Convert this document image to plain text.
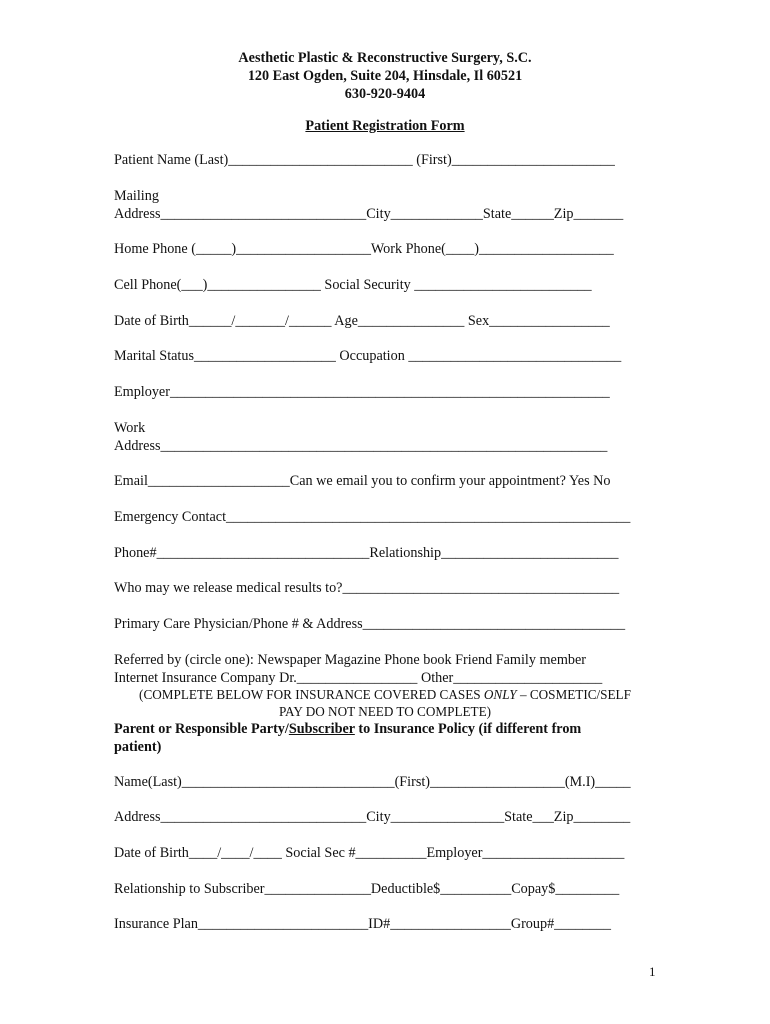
Aesthetic Plastic & Reconstructive Surgery, S.C.
120 East Ogden, Suite 204, Hinsdale, Il 60521
630-920-9404
Patient Registration Form
Patient Name (Last)__________________________ (First)_______________________
Mailing
Address_____________________________City_____________State______Zip_______
Home Phone (_____)___________________Work Phone(____)___________________
Cell Phone(___)________________ Social Security _________________________
Date of Birth______/_______/______ Age_______________ Sex_________________
Marital Status____________________ Occupation ______________________________
Employer______________________________________________________________
Work
Address_______________________________________________________________
Email____________________Can we email you to confirm your appointment? Yes No
Emergency Contact_________________________________________________________
Phone#______________________________Relationship_________________________
Who may we release medical results to?_______________________________________
Primary Care Physician/Phone # & Address_____________________________________
Referred by (circle one): Newspaper Magazine Phone book Friend Family member
Internet Insurance Company Dr._________________ Other_____________________
(COMPLETE BELOW FOR INSURANCE COVERED CASES ONLY – COSMETIC/SELF
PAY DO NOT NEED TO COMPLETE)
Parent or Responsible Party/Subscriber to Insurance Policy (if different from
patient)
Name(Last)______________________________(First)___________________(M.I)_____
Address_____________________________City________________State___Zip________
Date of Birth____/____/____ Social Sec #__________Employer____________________
Relationship to Subscriber_______________Deductible$__________Copay$_________
Insurance Plan________________________ID#_________________Group#________
1
